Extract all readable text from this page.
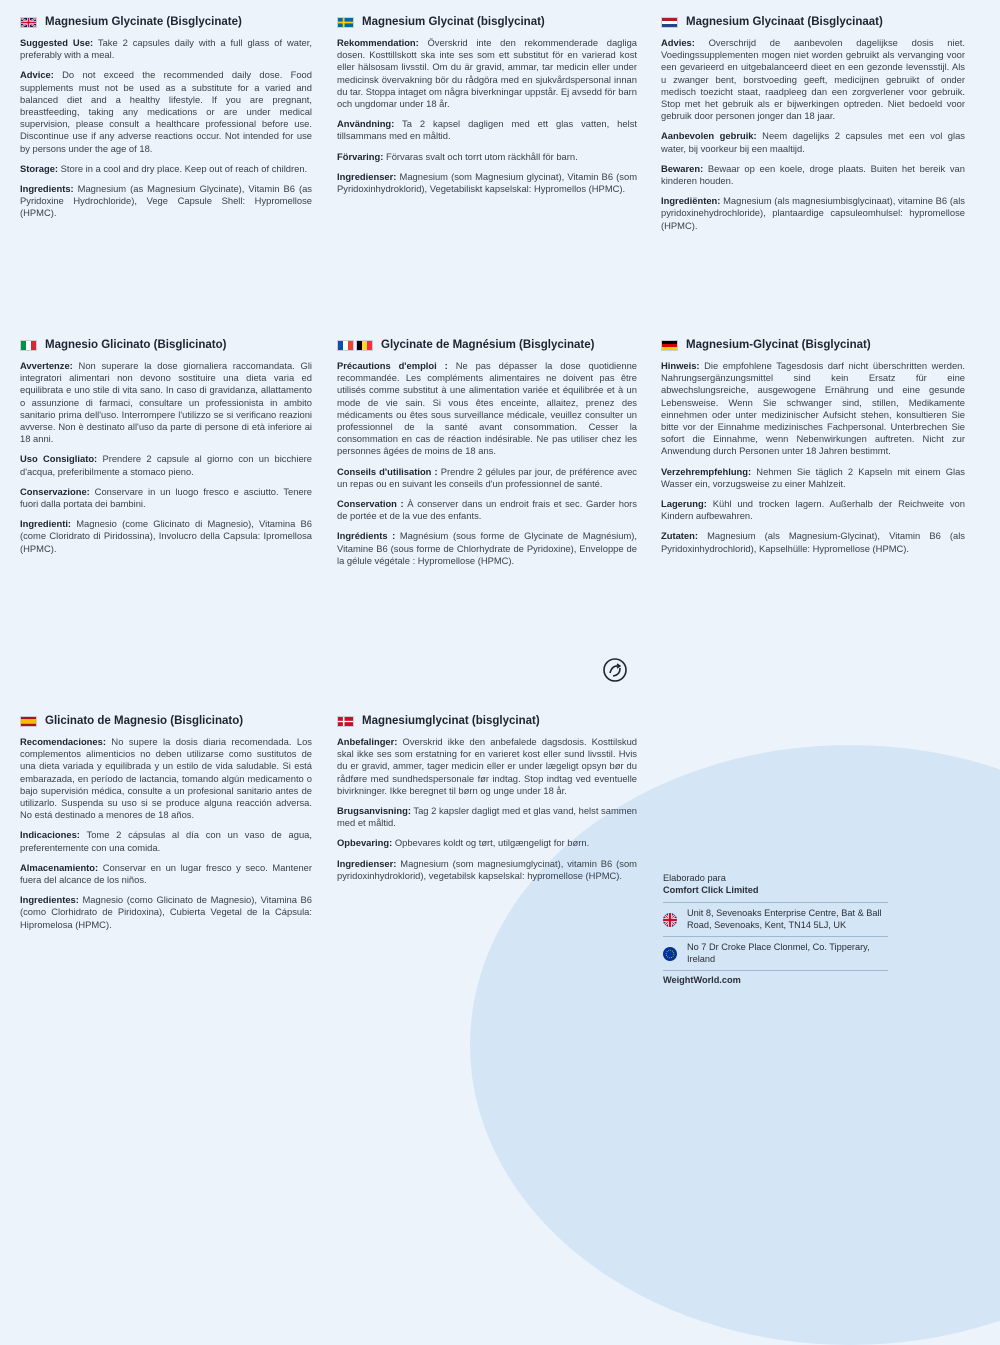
Magnesium Glycinate (Bisglycinate)

Suggested Use: Take 2 capsules daily with a full glass of water, preferably with a meal.

Advice: Do not exceed the recommended daily dose. Food supplements must not be used as a substitute for a varied and balanced diet and a healthy lifestyle. If you are pregnant, breastfeeding, taking any medications or are under medical supervision, please consult a healthcare professional before use. Discontinue use if any adverse reactions occur. Not intended for use by persons under the age of 18.

Storage: Store in a cool and dry place. Keep out of reach of children.

Ingredients: Magnesium (as Magnesium Glycinate), Vitamin B6 (as Pyridoxine Hydrochloride), Vege Capsule Shell: Hypromellose (HPMC).

Magnesium Glycinat (bisglycinat)

Rekommendation: Överskrid inte den rekommenderade dagliga dosen. Kosttillskott ska inte ses som ett substitut för en varierad kost eller hälsosam livsstil. Om du är gravid, ammar, tar medicin eller under medicinsk övervakning bör du rådgöra med en sjukvårdspersonal innan du tar. Stoppa intaget om några biverkningar uppstår. Ej avsedd för barn och ungdomar under 18 år.

Användning: Ta 2 kapsel dagligen med ett glas vatten, helst tillsammans med en måltid.

Förvaring: Förvaras svalt och torrt utom räckhåll för barn.

Ingredienser: Magnesium (som Magnesium glycinat), Vitamin B6 (som Pyridoxinhydroklorid), Vegetabiliskt kapselskal: Hypromellos (HPMC).

Magnesium Glycinaat (Bisglycinaat)

Advies: Overschrijd de aanbevolen dagelijkse dosis niet. Voedingssupplementen mogen niet worden gebruikt als vervanging voor een gevarieerd en uitgebalanceerd dieet en een gezonde levensstijl. Als u zwanger bent, borstvoeding geeft, medicijnen gebruikt of onder medisch toezicht staat, raadpleeg dan een zorgverlener voor gebruik. Stop met het gebruik als er bijwerkingen optreden. Niet bedoeld voor gebruik door personen jonger dan 18 jaar.

Aanbevolen gebruik: Neem dagelijks 2 capsules met een vol glas water, bij voorkeur bij een maaltijd.

Bewaren: Bewaar op een koele, droge plaats. Buiten het bereik van kinderen houden.

Ingrediënten: Magnesium (als magnesiumbisglycinaat), vitamine B6 (als pyridoxinehydrochloride), plantaardige capsuleomhulsel: hypromellose (HPMC).

Magnesio Glicinato (Bisglicinato)

Avvertenze: Non superare la dose giornaliera raccomandata. Gli integratori alimentari non devono sostituire una dieta varia ed equilibrata e uno stile di vita sano. In caso di gravidanza, allattamento o assunzione di farmaci, consultare un professionista in ambito sanitario prima dell'uso. Interrompere l'utilizzo se si verificano reazioni avverse. Non è destinato all'uso da parte di persone di età inferiore ai 18 anni.

Uso Consigliato: Prendere 2 capsule al giorno con un bicchiere d'acqua, preferibilmente a stomaco pieno.

Conservazione: Conservare in un luogo fresco e asciutto. Tenere fuori dalla portata dei bambini.

Ingredienti: Magnesio (come Glicinato di Magnesio), Vitamina B6 (come Cloridrato di Piridossina), Involucro della Capsula: Ipromellosa (HPMC).

Glycinate de Magnésium (Bisglycinate)

Précautions d'emploi : Ne pas dépasser la dose quotidienne recommandée. Les compléments alimentaires ne doivent pas être utilisés comme substitut à une alimentation variée et équilibrée et à un mode de vie sain. Si vous êtes enceinte, allaitez, prenez des médicaments ou êtes sous surveillance médicale, veuillez consulter un professionnel de la santé avant consommation. Cesser la consommation en cas de réaction indésirable. Ne pas utiliser chez les personnes âgées de moins de 18 ans.

Conseils d'utilisation : Prendre 2 gélules par jour, de préférence avec un repas ou en suivant les conseils d'un professionnel de santé.

Conservation : À conserver dans un endroit frais et sec. Garder hors de portée et de la vue des enfants.

Ingrédients : Magnésium (sous forme de Glycinate de Magnésium), Vitamine B6 (sous forme de Chlorhydrate de Pyridoxine), Enveloppe de la gélule végétale : Hypromellose (HPMC).

Magnesium-Glycinat (Bisglycinat)

Hinweis: Die empfohlene Tagesdosis darf nicht überschritten werden. Nahrungsergänzungsmittel sind kein Ersatz für eine abwechslungsreiche, ausgewogene Ernährung und eine gesunde Lebensweise. Wenn Sie schwanger sind, stillen, Medikamente einnehmen oder unter medizinischer Aufsicht stehen, konsultieren Sie bitte vor der Einnahme medizinisches Fachpersonal. Unterbrechen Sie sofort die Einnahme, wenn Nebenwirkungen auftreten. Nicht zur Anwendung durch Personen unter 18 Jahren bestimmt.

Verzehrempfehlung: Nehmen Sie täglich 2 Kapseln mit einem Glas Wasser ein, vorzugsweise zu einer Mahlzeit.

Lagerung: Kühl und trocken lagern. Außerhalb der Reichweite von Kindern aufbewahren.

Zutaten: Magnesium (als Magnesium-Glycinat), Vitamin B6 (als Pyridoxinhydrochlorid), Kapselhülle: Hypromellose (HPMC).

Glicinato de Magnesio (Bisglicinato)

Recomendaciones: No supere la dosis diaria recomendada. Los complementos alimenticios no deben utilizarse como sustitutos de una dieta variada y equilibrada y un estilo de vida saludable. Si está embarazada, en período de lactancia, tomando algún medicamento o bajo supervisión médica, consulte a un profesional sanitario antes de utilizarlo. Suspenda su uso si se produce alguna reacción adversa. No está destinado a menores de 18 años.

Indicaciones: Tome 2 cápsulas al día con un vaso de agua, preferentemente con una comida.

Almacenamiento: Conservar en un lugar fresco y seco. Mantener fuera del alcance de los niños.

Ingredientes: Magnesio (como Glicinato de Magnesio), Vitamina B6 (como Clorhidrato de Piridoxina), Cubierta Vegetal de la Cápsula: Hipromelosa (HPMC).

Magnesiumglycinat (bisglycinat)

Anbefalinger: Overskrid ikke den anbefalede dagsdosis. Kosttilskud skal ikke ses som erstatning for en varieret kost eller sund livsstil. Hvis du er gravid, ammer, tager medicin eller er under lægeligt opsyn bør du rådføre med sundhedspersonale før indtag. Stop indtag ved eventuelle bivirkninger. Ikke beregnet til børn og unge under 18 år.

Brugsanvisning: Tag 2 kapsler dagligt med et glas vand, helst sammen med et måltid.

Opbevaring: Opbevares koldt og tørt, utilgængeligt for børn.

Ingredienser: Magnesium (som magnesiumglycinat), vitamin B6 (som pyridoxinhydroklorid), vegetabilsk kapselskal: hypromellose (HPMC).	Elaborado para
Comfort Click Limited
Unit 8, Sevenoaks Enterprise Centre, Bat & Ball Road, Sevenoaks, Kent, TN14 5LJ, UK
No 7 Dr Croke Place Clonmel, Co. Tipperary, Ireland
WeightWorld.com
